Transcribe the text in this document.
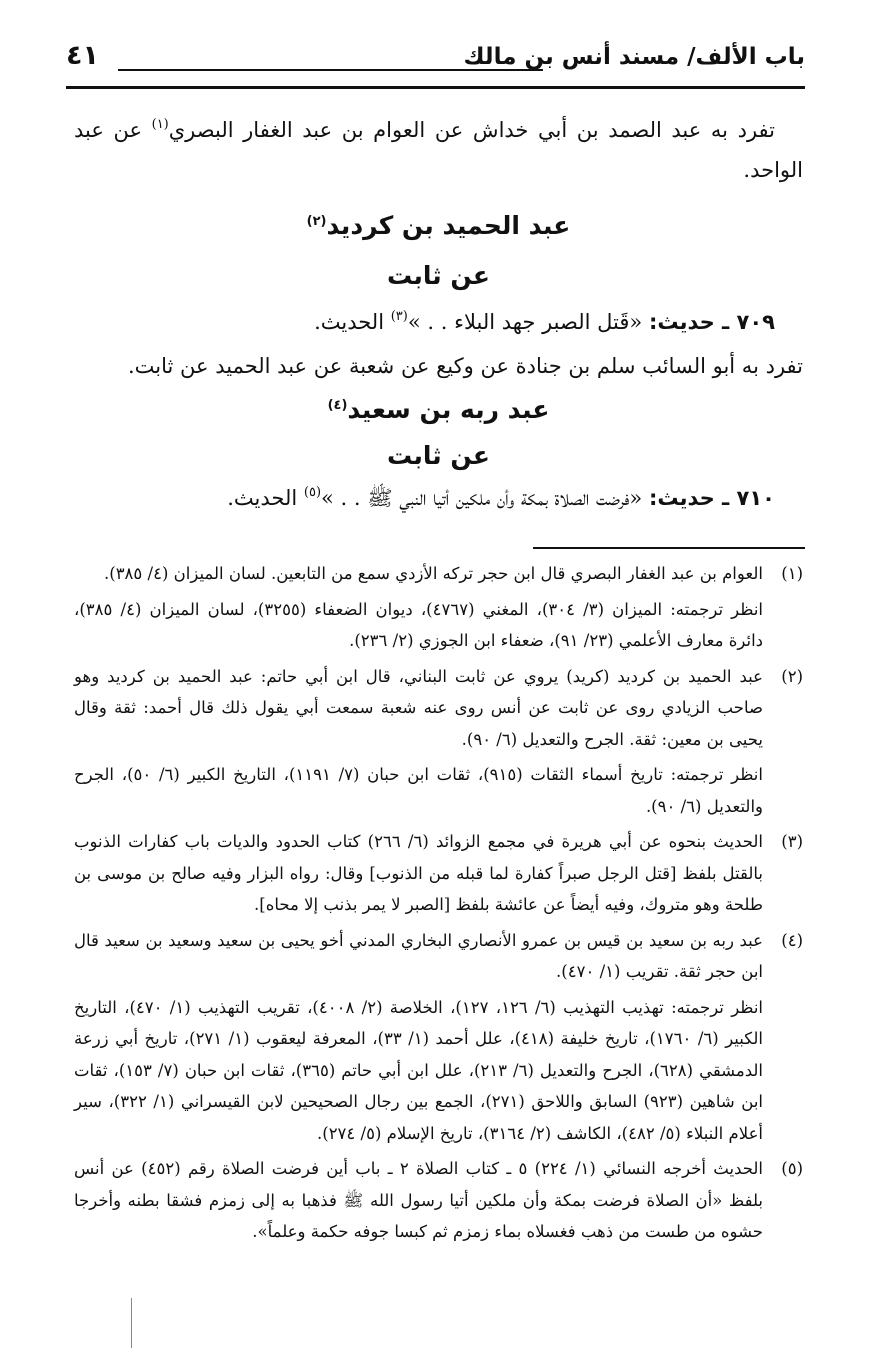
باب الألف/ مسند أنس بن مالك
٤١

تفرد به عبد الصمد بن أبي خداش عن العوام بن عبد الغفار البصري$^{(١)}$ عن عبد الواحد.

عبد الحميد بن كرديد$^{(٢)}$

عن ثابت

٧٠٩ ـ حديث: «قَتل الصبر جهد البلاء . . »$^{(٣)}$ الحديث.

تفرد به أبو السائب سلم بن جنادة عن وكيع عن شعبة عن عبد الحميد عن ثابت.

عبد ربه بن سعيد$^{(٤)}$

عن ثابت

٧١٠ ـ حديث: «فرضت الصلاة بمكة وأن ملكين أتيا النبي ﷺ . . »$^{(٥)}$ الحديث.

(١)

العوام بن عبد الغفار البصري قال ابن حجر تركه الأزدي سمع من التابعين. لسان الميزان (٤/ ٣٨٥).

انظر ترجمته: الميزان (٣/ ٣٠٤)، المغني (٤٧٦٧)، ديوان الضعفاء (٣٢٥٥)، لسان الميزان (٤/ ٣٨٥)، دائرة معارف الأعلمي (٢٣/ ٩١)، ضعفاء ابن الجوزي (٢/ ٢٣٦).

(٢)

عبد الحميد بن كرديد (كريد) يروي عن ثابت البناني، قال ابن أبي حاتم: عبد الحميد بن كرديد وهو صاحب الزيادي روى عن ثابت عن أنس روى عنه شعبة سمعت أبي يقول ذلك قال أحمد: ثقة وقال يحيى بن معين: ثقة. الجرح والتعديل (٦/ ٩٠).

انظر ترجمته: تاريخ أسماء الثقات (٩١٥)، ثقات ابن حبان (٧/ ١١٩١)، التاريخ الكبير (٦/ ٥٠)، الجرح والتعديل (٦/ ٩٠).

(٣)

الحديث بنحوه عن أبي هريرة في مجمع الزوائد (٦/ ٢٦٦) كتاب الحدود والديات باب كفارات الذنوب بالقتل بلفظ [قتل الرجل صبراً كفارة لما قبله من الذنوب] وقال: رواه البزار وفيه صالح بن موسى بن طلحة وهو متروك، وفيه أيضاً عن عائشة بلفظ [الصبر لا يمر بذنب إلا محاه].

(٤)

عبد ربه بن سعيد بن قيس بن عمرو الأنصاري البخاري المدني أخو يحيى بن سعيد وسعيد بن سعيد قال ابن حجر ثقة. تقريب (١/ ٤٧٠).

انظر ترجمته: تهذيب التهذيب (٦/ ١٢٦، ١٢٧)، الخلاصة (٢/ ٤٠٠٨)، تقريب التهذيب (١/ ٤٧٠)، التاريخ الكبير (٦/ ١٧٦٠)، تاريخ خليفة (٤١٨)، علل أحمد (١/ ٣٣)، المعرفة ليعقوب (١/ ٢٧١)، تاريخ أبي زرعة الدمشقي (٦٢٨)، الجرح والتعديل (٦/ ٢١٣)، علل ابن أبي حاتم (٣٦٥)، ثقات ابن حبان (٧/ ١٥٣)، ثقات ابن شاهين (٩٢٣) السابق واللاحق (٢٧١)، الجمع بين رجال الصحيحين لابن القيسراني (١/ ٣٢٢)، سير أعلام النبلاء (٥/ ٤٨٢)، الكاشف (٢/ ٣١٦٤)، تاريخ الإسلام (٥/ ٢٧٤).

(٥)

الحديث أخرجه النسائي (١/ ٢٢٤) ٥ ـ كتاب الصلاة ٢ ـ باب أين فرضت الصلاة رقم (٤٥٢) عن أنس بلفظ «أن الصلاة فرضت بمكة وأن ملكين أتيا رسول الله ﷺ فذهبا به إلى زمزم فشقا بطنه وأخرجا حشوه من طست من ذهب فغسلاه بماء زمزم ثم كبسا جوفه حكمة وعلماً».
